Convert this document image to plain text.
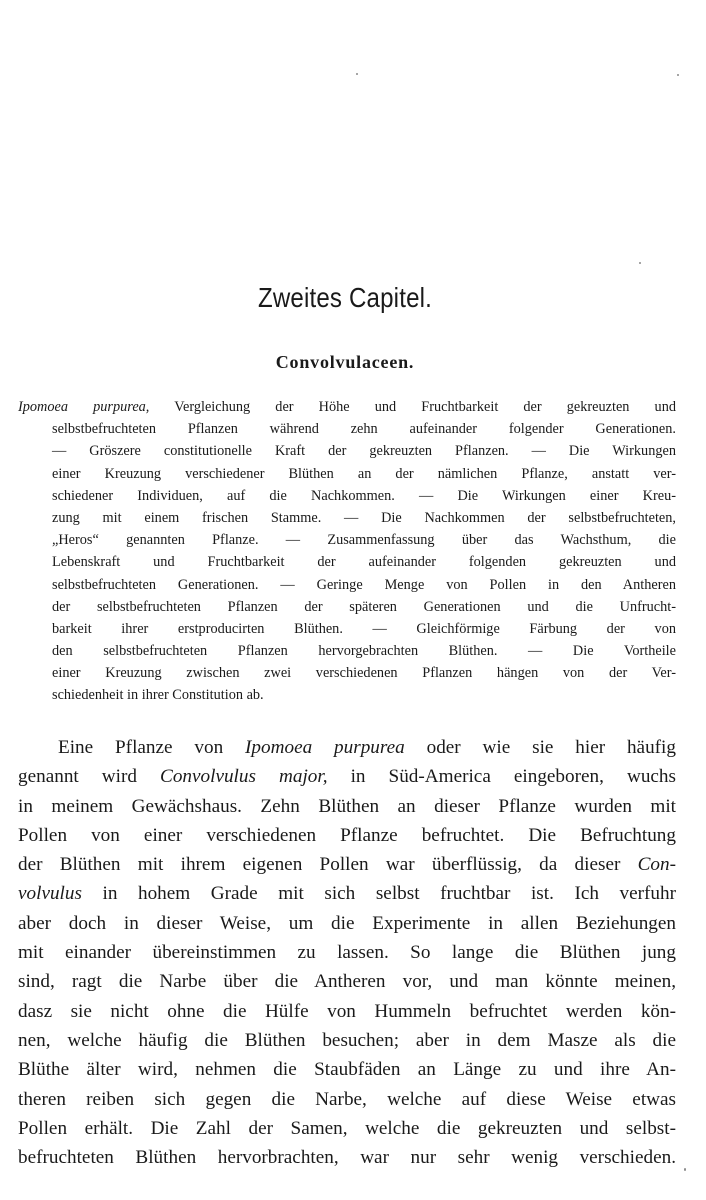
Zweites Capitel.
Convolvulaceen.
Ipomoea purpurea, Vergleichung der Höhe und Fruchtbarkeit der gekreuzten und
selbstbefruchteten Pflanzen während zehn aufeinander folgender Generationen.
— Gröszere constitutionelle Kraft der gekreuzten Pflanzen. — Die Wirkungen
einer Kreuzung verschiedener Blüthen an der nämlichen Pflanze, anstatt ver-
schiedener Individuen, auf die Nachkommen. — Die Wirkungen einer Kreu-
zung mit einem frischen Stamme. — Die Nachkommen der selbstbefruchteten,
„Heros“ genannten Pflanze. — Zusammenfassung über das Wachsthum, die
Lebenskraft und Fruchtbarkeit der aufeinander folgenden gekreuzten und
selbstbefruchteten Generationen. — Geringe Menge von Pollen in den Antheren
der selbstbefruchteten Pflanzen der späteren Generationen und die Unfrucht-
barkeit ihrer erstproducirten Blüthen. — Gleichförmige Färbung der von
den selbstbefruchteten Pflanzen hervorgebrachten Blüthen. — Die Vortheile
einer Kreuzung zwischen zwei verschiedenen Pflanzen hängen von der Ver-
schiedenheit in ihrer Constitution ab.
Eine Pflanze von Ipomoea purpurea oder wie sie hier häufig
genannt wird Convolvulus major, in Süd-America eingeboren, wuchs
in meinem Gewächshaus. Zehn Blüthen an dieser Pflanze wurden mit
Pollen von einer verschiedenen Pflanze befruchtet. Die Befruchtung
der Blüthen mit ihrem eigenen Pollen war überflüssig, da dieser Con-
volvulus in hohem Grade mit sich selbst fruchtbar ist. Ich verfuhr
aber doch in dieser Weise, um die Experimente in allen Beziehungen
mit einander übereinstimmen zu lassen. So lange die Blüthen jung
sind, ragt die Narbe über die Antheren vor, und man könnte meinen,
dasz sie nicht ohne die Hülfe von Hummeln befruchtet werden kön-
nen, welche häufig die Blüthen besuchen; aber in dem Masze als die
Blüthe älter wird, nehmen die Staubfäden an Länge zu und ihre An-
theren reiben sich gegen die Narbe, welche auf diese Weise etwas
Pollen erhält. Die Zahl der Samen, welche die gekreuzten und selbst-
befruchteten Blüthen hervorbrachten, war nur sehr wenig verschieden.
